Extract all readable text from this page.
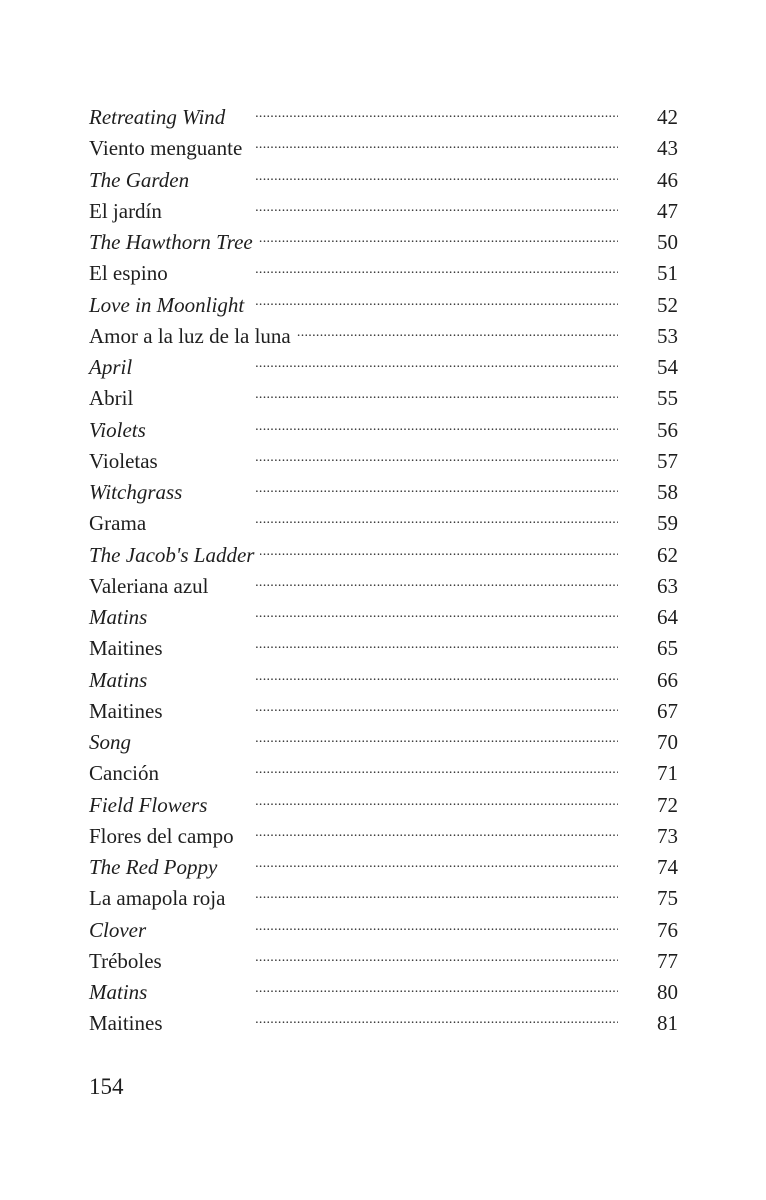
Retreating Wind . . .	42
Viento menguante . . .	43
The Garden . . .	46
El jardín . . .	47
The Hawthorn Tree . . .	50
El espino . . .	51
Love in Moonlight . . .	52
Amor a la luz de la luna . . .	53
April . . .	54
Abril . . .	55
Violets . . .	56
Violetas . . .	57
Witchgrass . . .	58
Grama . . .	59
The Jacob's Ladder . . .	62
Valeriana azul . . .	63
Matins . . .	64
Maitines . . .	65
Matins . . .	66
Maitines . . .	67
Song . . .	70
Canción . . .	71
Field Flowers . . .	72
Flores del campo . . .	73
The Red Poppy . . .	74
La amapola roja . . .	75
Clover . . .	76
Tréboles . . .	77
Matins . . .	80
Maitines . . .	81
154
